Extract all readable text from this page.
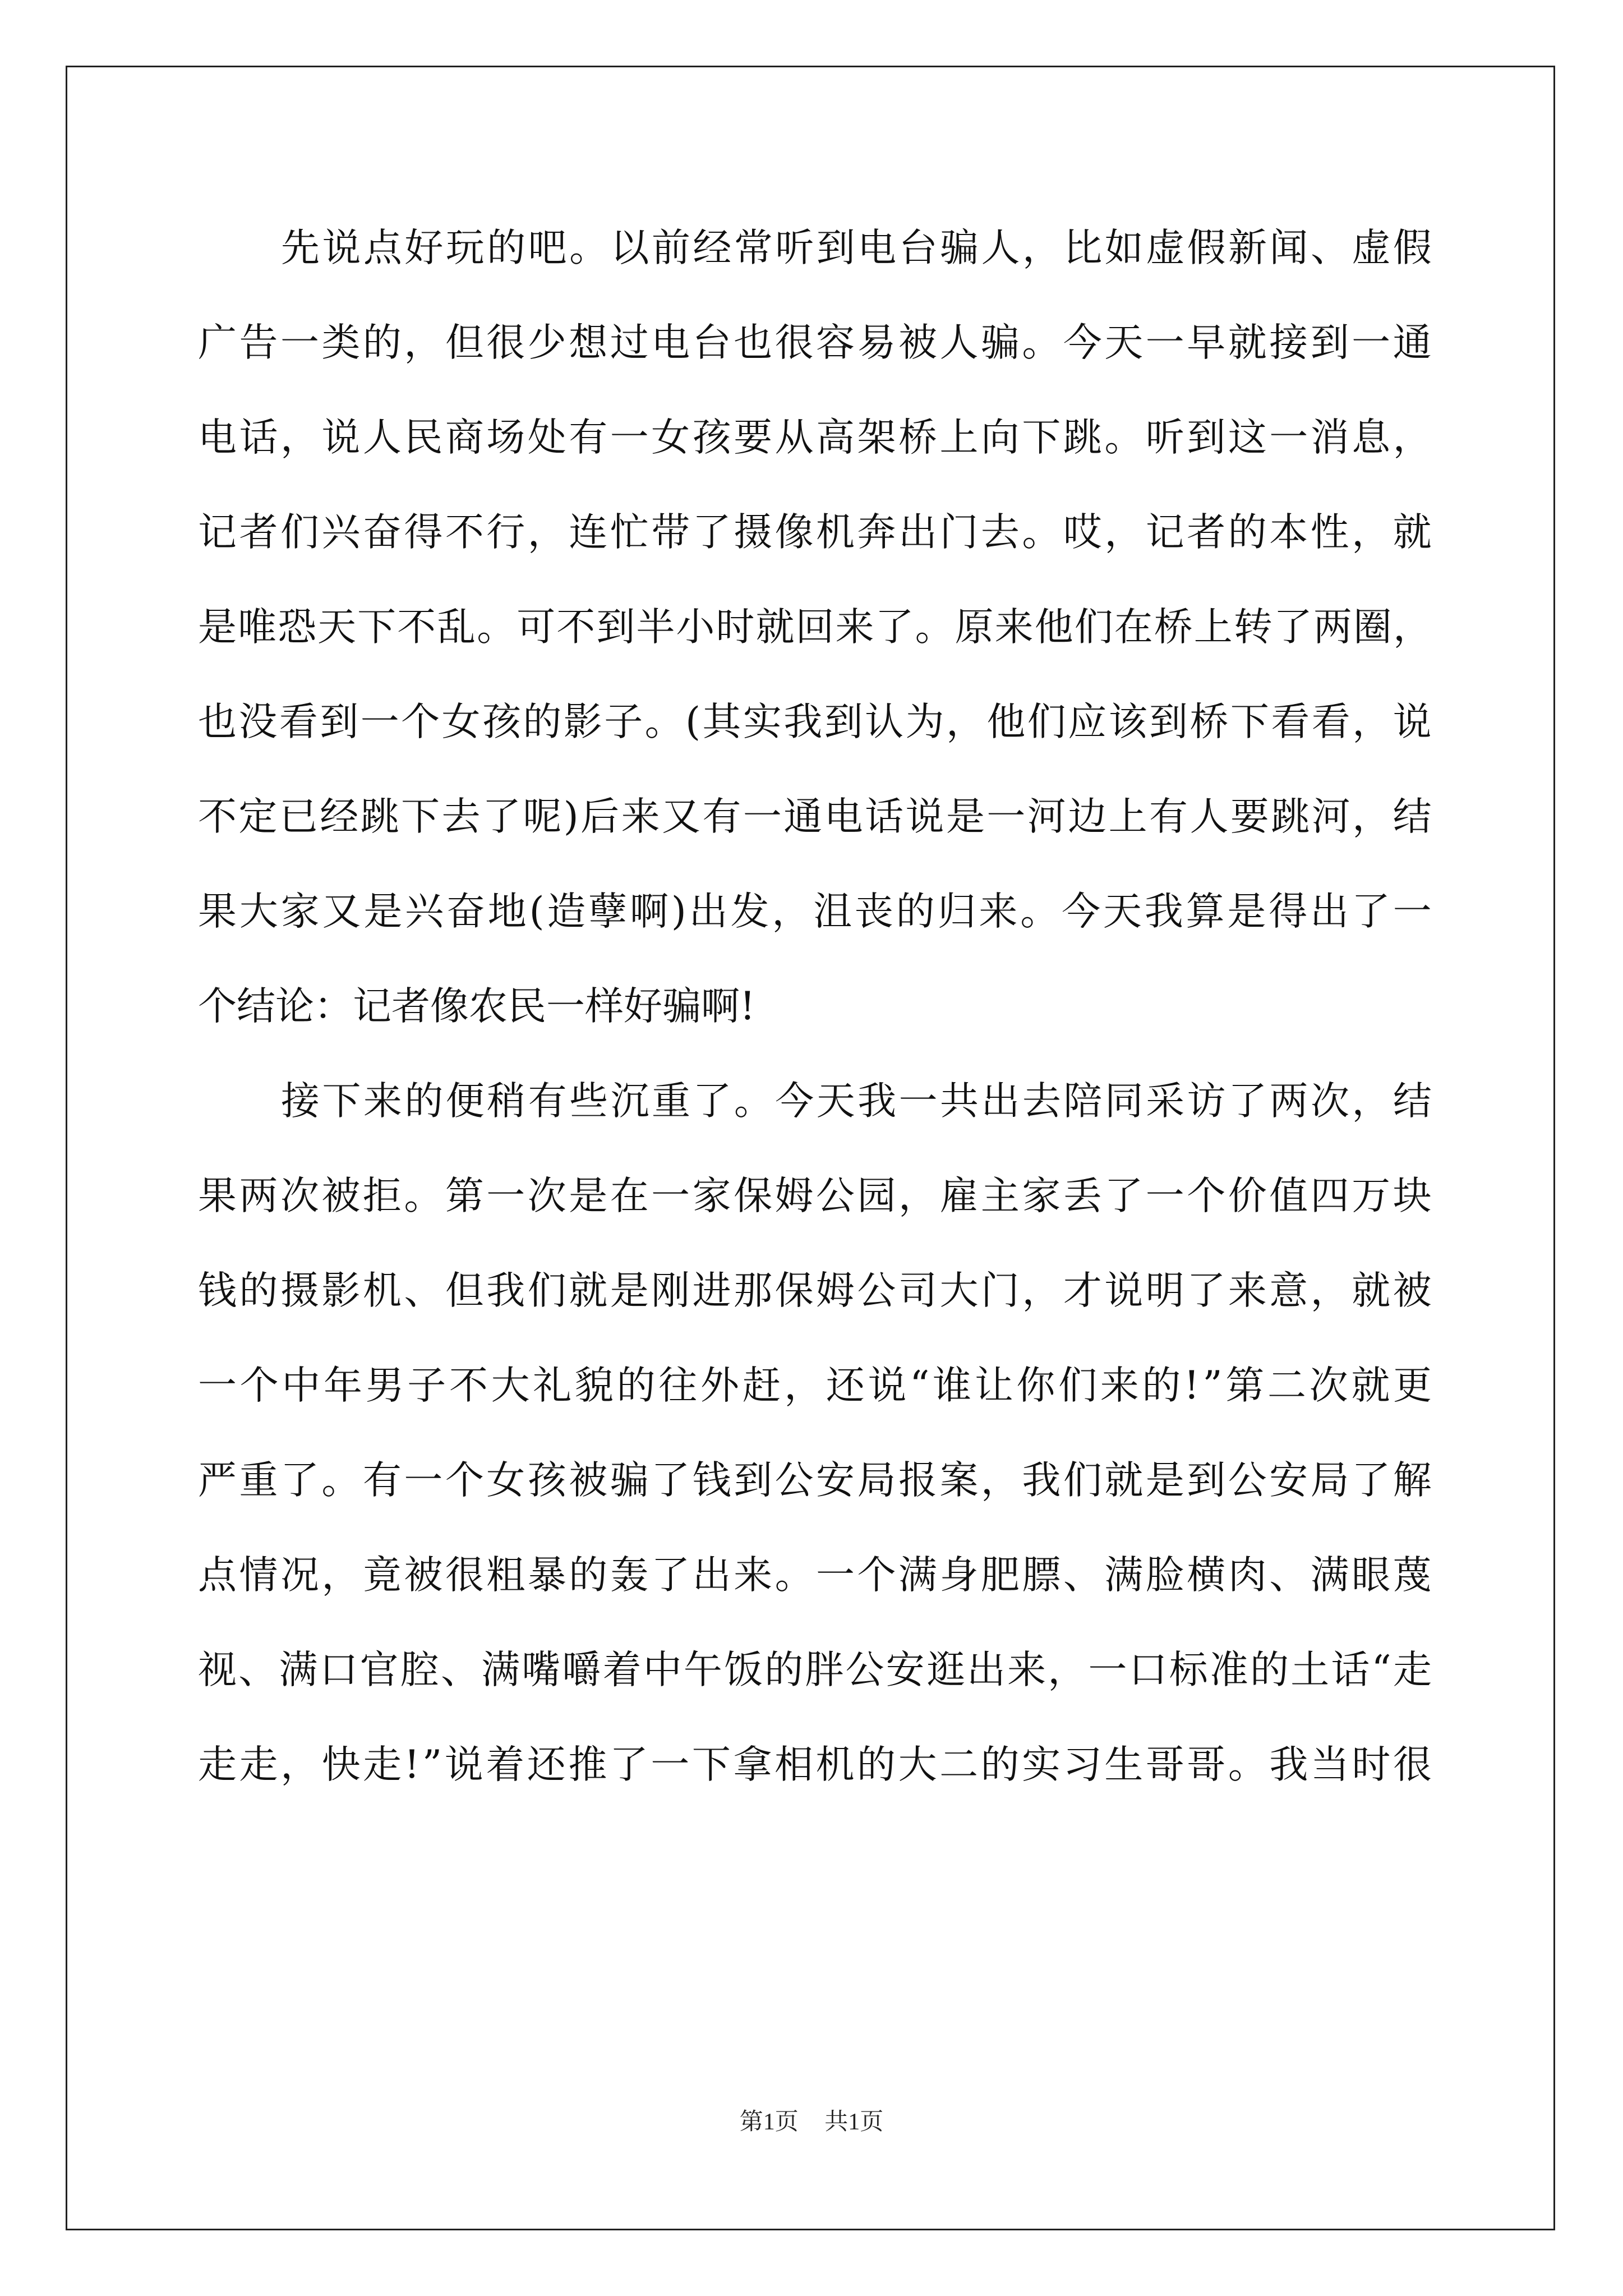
先 说 点 好 玩 的 吧 。 以 前 经 常 听 到 电 台 骗 人 ， 比 如 虚 假 新 闻 、 虚 假
广 告 一 类 的 ， 但 很 少 想 过 电 台 也 很 容 易 被 人 骗 。 今 天 一 早 就 接 到 一 通
电 话 ， 说 人 民 商 场 处 有 一 女 孩 要 从 高 架 桥 上 向 下 跳 。 听 到 这 一 消 息 ，
记 者 们 兴 奋 得 不 行 ， 连 忙 带 了 摄 像 机 奔 出 门 去 。 哎 ， 记 者 的 本 性 ， 就
是 唯 恐 天 下 不 乱 。 可 不 到 半 小 时 就 回 来 了 。 原 来 他 们 在 桥 上 转 了 两 圈 ，
也 没 看 到 一 个 女 孩 的 影 子 。 ( 其 实 我 到 认 为 ， 他 们 应 该 到 桥 下 看 看 ， 说
不 定 已 经 跳 下 去 了 呢 ) 后 来 又 有 一 通 电 话 说 是 一 河 边 上 有 人 要 跳 河 ， 结
果 大 家 又 是 兴 奋 地 ( 造 孽 啊 ) 出 发 ， 沮 丧 的 归 来 。 今 天 我 算 是 得 出 了 一
个结论：记者像农民一样好骗啊!
接 下 来 的 便 稍 有 些 沉 重 了 。 今 天 我 一 共 出 去 陪 同 采 访 了 两 次 ， 结
果 两 次 被 拒 。 第 一 次 是 在 一 家 保 姆 公 园 ， 雇 主 家 丢 了 一 个 价 值 四 万 块
钱 的 摄 影 机 、 但 我 们 就 是 刚 进 那 保 姆 公 司 大 门 ， 才 说 明 了 来 意 ， 就 被
一 个 中 年 男 子 不 大 礼 貌 的 往 外 赶 ， 还 说 “ 谁 让 你 们 来 的 ! ” 第 二 次 就 更
严 重 了 。 有 一 个 女 孩 被 骗 了 钱 到 公 安 局 报 案 ， 我 们 就 是 到 公 安 局 了 解
点 情 况 ， 竟 被 很 粗 暴 的 轰 了 出 来 。 一 个 满 身 肥 膘 、 满 脸 横 肉 、 满 眼 蔑
视 、 满 口 官 腔 、 满 嘴 嚼 着 中 午 饭 的 胖 公 安 逛 出 来 ， 一 口 标 准 的 土 话 “ 走
走 走 ， 快 走 ! ” 说 着 还 推 了 一 下 拿 相 机 的 大 二 的 实 习 生 哥 哥 。 我 当 时 很
第1页 共1页
